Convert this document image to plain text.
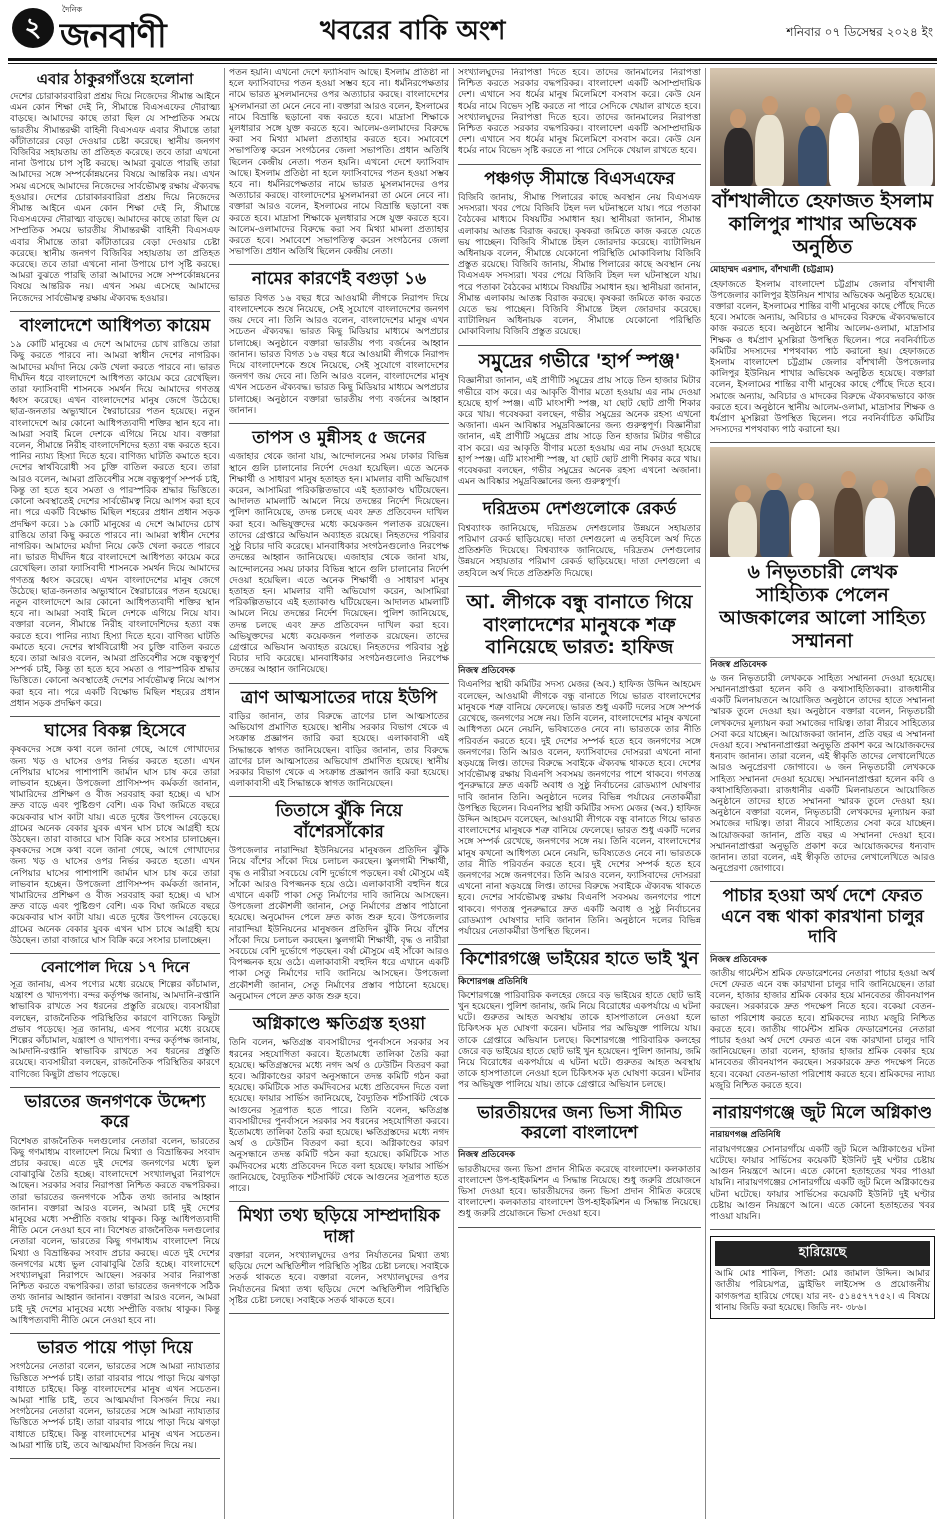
২
দৈনিক
জনবাণী	খবরের বাকি অংশ	শনিবার ০৭ ডিসেম্বর ২০২৪ ইং
এবার ঠাকুরগাঁওয়ে হলোনা

দেশের চোরাকারবারিরা প্রশ্রয় দিয়ে নিজেদের সীমান্ত আইনে এমন কোন শিক্ষা দেই নি, সীমান্তে বিএসএফের দৌরাত্ম্য বাড়ছে। আমাদের কাছে তারা ছিল যে সাম্প্রতিক সময়ে ভারতীয় সীমান্তরক্ষী বাহিনী বিএসএফ এবার সীমান্তে তারা কাঁটাতারের বেড়া দেওয়ার চেষ্টা করেছে। স্থানীয় জনগণ বিজিবির সহায়তায় তা প্রতিহত করেছে। তবে তারা এখনো নানা উপায়ে চাপ সৃষ্টি করছে। আমরা বুঝতে পারছি তারা আমাদের সঙ্গে সম্পর্কোন্নয়নের বিষয়ে আন্তরিক নয়। এখন সময় এসেছে আমাদের নিজেদের সার্বভৌমত্ব রক্ষায় ঐক্যবদ্ধ হওয়ার। দেশের চোরাকারবারিরা প্রশ্রয় দিয়ে নিজেদের সীমান্ত আইনে এমন কোন শিক্ষা দেই নি, সীমান্তে বিএসএফের দৌরাত্ম্য বাড়ছে। আমাদের কাছে তারা ছিল যে সাম্প্রতিক সময়ে ভারতীয় সীমান্তরক্ষী বাহিনী বিএসএফ এবার সীমান্তে তারা কাঁটাতারের বেড়া দেওয়ার চেষ্টা করেছে। স্থানীয় জনগণ বিজিবির সহায়তায় তা প্রতিহত করেছে। তবে তারা এখনো নানা উপায়ে চাপ সৃষ্টি করছে। আমরা বুঝতে পারছি তারা আমাদের সঙ্গে সম্পর্কোন্নয়নের বিষয়ে আন্তরিক নয়। এখন সময় এসেছে আমাদের নিজেদের সার্বভৌমত্ব রক্ষায় ঐক্যবদ্ধ হওয়ার।

বাংলাদেশে আধিপত্য কায়েম

১৯ কোটি মানুষের এ দেশে আমাদের চোখ রাঙিয়ে তারা কিছু করতে পারবে না। আমরা স্বাধীন দেশের নাগরিক। আমাদের মর্যাদা নিয়ে কেউ খেলা করতে পারবে না। ভারত দীর্ঘদিন ধরে বাংলাদেশে আধিপত্য কায়েম করে রেখেছিল। তারা ফ্যাসিবাদী শাসনকে সমর্থন দিয়ে আমাদের গণতন্ত্র ধ্বংস করেছে। এখন বাংলাদেশের মানুষ জেগে উঠেছে। ছাত্র-জনতার অভ্যুত্থানে স্বৈরাচারের পতন হয়েছে। নতুন বাংলাদেশে আর কোনো আধিপত্যবাদী শক্তির স্থান হবে না। আমরা সবাই মিলে দেশকে এগিয়ে নিয়ে যাব। বক্তারা বলেন, সীমান্তে নিরীহ বাংলাদেশিদের হত্যা বন্ধ করতে হবে। পানির ন্যায্য হিস্যা দিতে হবে। বাণিজ্য ঘাটতি কমাতে হবে। দেশের স্বার্থবিরোধী সব চুক্তি বাতিল করতে হবে। তারা আরও বলেন, আমরা প্রতিবেশীর সঙ্গে বন্ধুত্বপূর্ণ সম্পর্ক চাই, কিন্তু তা হতে হবে সমতা ও পারস্পরিক শ্রদ্ধার ভিত্তিতে। কোনো অবস্থাতেই দেশের সার্বভৌমত্ব নিয়ে আপস করা হবে না। পরে একটি বিক্ষোভ মিছিল শহরের প্রধান প্রধান সড়ক প্রদক্ষিণ করে। ১৯ কোটি মানুষের এ দেশে আমাদের চোখ রাঙিয়ে তারা কিছু করতে পারবে না। আমরা স্বাধীন দেশের নাগরিক। আমাদের মর্যাদা নিয়ে কেউ খেলা করতে পারবে না। ভারত দীর্ঘদিন ধরে বাংলাদেশে আধিপত্য কায়েম করে রেখেছিল। তারা ফ্যাসিবাদী শাসনকে সমর্থন দিয়ে আমাদের গণতন্ত্র ধ্বংস করেছে। এখন বাংলাদেশের মানুষ জেগে উঠেছে। ছাত্র-জনতার অভ্যুত্থানে স্বৈরাচারের পতন হয়েছে। নতুন বাংলাদেশে আর কোনো আধিপত্যবাদী শক্তির স্থান হবে না। আমরা সবাই মিলে দেশকে এগিয়ে নিয়ে যাব। বক্তারা বলেন, সীমান্তে নিরীহ বাংলাদেশিদের হত্যা বন্ধ করতে হবে। পানির ন্যায্য হিস্যা দিতে হবে। বাণিজ্য ঘাটতি কমাতে হবে। দেশের স্বার্থবিরোধী সব চুক্তি বাতিল করতে হবে। তারা আরও বলেন, আমরা প্রতিবেশীর সঙ্গে বন্ধুত্বপূর্ণ সম্পর্ক চাই, কিন্তু তা হতে হবে সমতা ও পারস্পরিক শ্রদ্ধার ভিত্তিতে। কোনো অবস্থাতেই দেশের সার্বভৌমত্ব নিয়ে আপস করা হবে না। পরে একটি বিক্ষোভ মিছিল শহরের প্রধান প্রধান সড়ক প্রদক্ষিণ করে।

ঘাসের বিকল্প হিসেবে

কৃষকদের সঙ্গে কথা বলে জানা গেছে, আগে গোখাদ্যের জন্য খড় ও ঘাসের ওপর নির্ভর করতে হতো। এখন নেপিয়ার ঘাসের পাশাপাশি জার্মান ঘাস চাষ করে তারা লাভবান হচ্ছেন। উপজেলা প্রাণিসম্পদ কর্মকর্তা জানান, খামারিদের প্রশিক্ষণ ও বীজ সরবরাহ করা হচ্ছে। এ ঘাস দ্রুত বাড়ে এবং পুষ্টিগুণ বেশি। এক বিঘা জমিতে বছরে কয়েকবার ঘাস কাটা যায়। এতে দুধের উৎপাদন বেড়েছে। গ্রামের অনেক বেকার যুবক এখন ঘাস চাষে আগ্রহী হয়ে উঠছেন। তারা বাজারে ঘাস বিক্রি করে সংসার চালাচ্ছেন। কৃষকদের সঙ্গে কথা বলে জানা গেছে, আগে গোখাদ্যের জন্য খড় ও ঘাসের ওপর নির্ভর করতে হতো। এখন নেপিয়ার ঘাসের পাশাপাশি জার্মান ঘাস চাষ করে তারা লাভবান হচ্ছেন। উপজেলা প্রাণিসম্পদ কর্মকর্তা জানান, খামারিদের প্রশিক্ষণ ও বীজ সরবরাহ করা হচ্ছে। এ ঘাস দ্রুত বাড়ে এবং পুষ্টিগুণ বেশি। এক বিঘা জমিতে বছরে কয়েকবার ঘাস কাটা যায়। এতে দুধের উৎপাদন বেড়েছে। গ্রামের অনেক বেকার যুবক এখন ঘাস চাষে আগ্রহী হয়ে উঠছেন। তারা বাজারে ঘাস বিক্রি করে সংসার চালাচ্ছেন।

বেনাপোল দিয়ে ১৭ দিনে

সূত্র জানায়, এসব পণ্যের মধ্যে রয়েছে শিল্পের কাঁচামাল, যন্ত্রাংশ ও খাদ্যপণ্য। বন্দর কর্তৃপক্ষ জানায়, আমদানি-রপ্তানি স্বাভাবিক রাখতে সব ধরনের প্রস্তুতি রয়েছে। ব্যবসায়ীরা বলছেন, রাজনৈতিক পরিস্থিতির কারণে বাণিজ্যে কিছুটা প্রভাব পড়েছে। সূত্র জানায়, এসব পণ্যের মধ্যে রয়েছে শিল্পের কাঁচামাল, যন্ত্রাংশ ও খাদ্যপণ্য। বন্দর কর্তৃপক্ষ জানায়, আমদানি-রপ্তানি স্বাভাবিক রাখতে সব ধরনের প্রস্তুতি রয়েছে। ব্যবসায়ীরা বলছেন, রাজনৈতিক পরিস্থিতির কারণে বাণিজ্যে কিছুটা প্রভাব পড়েছে।

ভারতের জনগণকে উদ্দেশ্য করে

বিশেষত রাজনৈতিক দলগুলোর নেতারা বলেন, ভারতের কিছু গণমাধ্যম বাংলাদেশ নিয়ে মিথ্যা ও বিভ্রান্তিকর সংবাদ প্রচার করছে। এতে দুই দেশের জনগণের মধ্যে ভুল বোঝাবুঝি তৈরি হচ্ছে। বাংলাদেশে সংখ্যালঘুরা নিরাপদে আছেন। সরকার সবার নিরাপত্তা নিশ্চিত করতে বদ্ধপরিকর। তারা ভারতের জনগণকে সঠিক তথ্য জানার আহ্বান জানান। বক্তারা আরও বলেন, আমরা চাই দুই দেশের মানুষের মধ্যে সম্প্রীতি বজায় থাকুক। কিন্তু আধিপত্যবাদী নীতি মেনে নেওয়া হবে না। বিশেষত রাজনৈতিক দলগুলোর নেতারা বলেন, ভারতের কিছু গণমাধ্যম বাংলাদেশ নিয়ে মিথ্যা ও বিভ্রান্তিকর সংবাদ প্রচার করছে। এতে দুই দেশের জনগণের মধ্যে ভুল বোঝাবুঝি তৈরি হচ্ছে। বাংলাদেশে সংখ্যালঘুরা নিরাপদে আছেন। সরকার সবার নিরাপত্তা নিশ্চিত করতে বদ্ধপরিকর। তারা ভারতের জনগণকে সঠিক তথ্য জানার আহ্বান জানান। বক্তারা আরও বলেন, আমরা চাই দুই দেশের মানুষের মধ্যে সম্প্রীতি বজায় থাকুক। কিন্তু আধিপত্যবাদী নীতি মেনে নেওয়া হবে না।

ভারত পায়ে পাড়া দিয়ে

সংগঠনের নেতারা বলেন, ভারতের সঙ্গে আমরা ন্যায্যতার ভিত্তিতে সম্পর্ক চাই। তারা বারবার পায়ে পাড়া দিয়ে ঝগড়া বাধাতে চাইছে। কিন্তু বাংলাদেশের মানুষ এখন সচেতন। আমরা শান্তি চাই, তবে আত্মমর্যাদা বিসর্জন দিয়ে নয়। সংগঠনের নেতারা বলেন, ভারতের সঙ্গে আমরা ন্যায্যতার ভিত্তিতে সম্পর্ক চাই। তারা বারবার পায়ে পাড়া দিয়ে ঝগড়া বাধাতে চাইছে। কিন্তু বাংলাদেশের মানুষ এখন সচেতন। আমরা শান্তি চাই, তবে আত্মমর্যাদা বিসর্জন দিয়ে নয়।

পতন হয়নি। এখনো দেশে ফ্যাসিবাদ আছে। ইসলাম প্রতিষ্ঠা না হলে ফ্যাসিবাদের পতন হওয়া সম্ভব হবে না। ধর্মনিরপেক্ষতার নামে ভারত মুসলমানদের ওপর অত্যাচার করছে। বাংলাদেশের মুসলমানরা তা মেনে নেবে না। বক্তারা আরও বলেন, ইসলামের নামে বিভ্রান্তি ছড়ানো বন্ধ করতে হবে। মাদ্রাসা শিক্ষাকে মূলধারার সঙ্গে যুক্ত করতে হবে। আলেম-ওলামাদের বিরুদ্ধে করা সব মিথ্যা মামলা প্রত্যাহার করতে হবে। সমাবেশে সভাপতিত্ব করেন সংগঠনের জেলা সভাপতি। প্রধান অতিথি ছিলেন কেন্দ্রীয় নেতা। পতন হয়নি। এখনো দেশে ফ্যাসিবাদ আছে। ইসলাম প্রতিষ্ঠা না হলে ফ্যাসিবাদের পতন হওয়া সম্ভব হবে না। ধর্মনিরপেক্ষতার নামে ভারত মুসলমানদের ওপর অত্যাচার করছে। বাংলাদেশের মুসলমানরা তা মেনে নেবে না। বক্তারা আরও বলেন, ইসলামের নামে বিভ্রান্তি ছড়ানো বন্ধ করতে হবে। মাদ্রাসা শিক্ষাকে মূলধারার সঙ্গে যুক্ত করতে হবে। আলেম-ওলামাদের বিরুদ্ধে করা সব মিথ্যা মামলা প্রত্যাহার করতে হবে। সমাবেশে সভাপতিত্ব করেন সংগঠনের জেলা সভাপতি। প্রধান অতিথি ছিলেন কেন্দ্রীয় নেতা।

নামের কারণেই বগুড়া ১৬

ভারত বিগত ১৬ বছর ধরে আওয়ামী লীগকে নিরাপদ দিয়ে বাংলাদেশকে শুষে নিয়েছে, সেই সুযোগে বাংলাদেশের জনগণ জয় দেবে না। তিনি আরও বলেন, বাংলাদেশের মানুষ এখন সচেতন ঐক্যবদ্ধ। ভারত কিছু মিডিয়ার মাধ্যমে অপপ্রচার চালাচ্ছে। অনুষ্ঠানে বক্তারা ভারতীয় পণ্য বর্জনের আহ্বান জানান। ভারত বিগত ১৬ বছর ধরে আওয়ামী লীগকে নিরাপদ দিয়ে বাংলাদেশকে শুষে নিয়েছে, সেই সুযোগে বাংলাদেশের জনগণ জয় দেবে না। তিনি আরও বলেন, বাংলাদেশের মানুষ এখন সচেতন ঐক্যবদ্ধ। ভারত কিছু মিডিয়ার মাধ্যমে অপপ্রচার চালাচ্ছে। অনুষ্ঠানে বক্তারা ভারতীয় পণ্য বর্জনের আহ্বান জানান।

তাপস ও মুন্নীসহ ৫ জনের

এজাহার থেকে জানা যায়, আন্দোলনের সময় ঢাকার বিভিন্ন স্থানে গুলি চালানোর নির্দেশ দেওয়া হয়েছিল। এতে অনেক শিক্ষার্থী ও সাধারণ মানুষ হতাহত হন। মামলার বাদী অভিযোগ করেন, আসামিরা পরিকল্পিতভাবে এই হত্যাকাণ্ড ঘটিয়েছেন। আদালত মামলাটি আমলে নিয়ে তদন্তের নির্দেশ দিয়েছেন। পুলিশ জানিয়েছে, তদন্ত চলছে এবং দ্রুত প্রতিবেদন দাখিল করা হবে। অভিযুক্তদের মধ্যে কয়েকজন পলাতক রয়েছেন। তাদের গ্রেপ্তারে অভিযান অব্যাহত রয়েছে। নিহতদের পরিবার সুষ্ঠু বিচার দাবি করেছে। মানবাধিকার সংগঠনগুলোও নিরপেক্ষ তদন্তের আহ্বান জানিয়েছে। এজাহার থেকে জানা যায়, আন্দোলনের সময় ঢাকার বিভিন্ন স্থানে গুলি চালানোর নির্দেশ দেওয়া হয়েছিল। এতে অনেক শিক্ষার্থী ও সাধারণ মানুষ হতাহত হন। মামলার বাদী অভিযোগ করেন, আসামিরা পরিকল্পিতভাবে এই হত্যাকাণ্ড ঘটিয়েছেন। আদালত মামলাটি আমলে নিয়ে তদন্তের নির্দেশ দিয়েছেন। পুলিশ জানিয়েছে, তদন্ত চলছে এবং দ্রুত প্রতিবেদন দাখিল করা হবে। অভিযুক্তদের মধ্যে কয়েকজন পলাতক রয়েছেন। তাদের গ্রেপ্তারে অভিযান অব্যাহত রয়েছে। নিহতদের পরিবার সুষ্ঠু বিচার দাবি করেছে। মানবাধিকার সংগঠনগুলোও নিরপেক্ষ তদন্তের আহ্বান জানিয়েছে।

ত্রাণ আত্মসাতের দায়ে ইউপি

বাড়ির জানান, তার বিরুদ্ধে ত্রাণের চাল আত্মসাতের অভিযোগ প্রমাণিত হয়েছে। স্থানীয় সরকার বিভাগ থেকে এ সংক্রান্ত প্রজ্ঞাপন জারি করা হয়েছে। এলাকাবাসী এই সিদ্ধান্তকে স্বাগত জানিয়েছেন। বাড়ির জানান, তার বিরুদ্ধে ত্রাণের চাল আত্মসাতের অভিযোগ প্রমাণিত হয়েছে। স্থানীয় সরকার বিভাগ থেকে এ সংক্রান্ত প্রজ্ঞাপন জারি করা হয়েছে। এলাকাবাসী এই সিদ্ধান্তকে স্বাগত জানিয়েছেন।

তিতাসে ঝুঁকি নিয়ে বাঁশেরসাঁকোর

উপজেলার নারান্দিয়া ইউনিয়নের মানুষজন প্রতিদিন ঝুঁকি নিয়ে বাঁশের সাঁকো দিয়ে চলাচল করছেন। স্কুলগামী শিক্ষার্থী, বৃদ্ধ ও নারীরা সবচেয়ে বেশি দুর্ভোগে পড়ছেন। বর্ষা মৌসুমে এই সাঁকো আরও বিপজ্জনক হয়ে ওঠে। এলাকাবাসী বহুদিন ধরে এখানে একটি পাকা সেতু নির্মাণের দাবি জানিয়ে আসছেন। উপজেলা প্রকৌশলী জানান, সেতু নির্মাণের প্রস্তাব পাঠানো হয়েছে। অনুমোদন পেলে দ্রুত কাজ শুরু হবে। উপজেলার নারান্দিয়া ইউনিয়নের মানুষজন প্রতিদিন ঝুঁকি নিয়ে বাঁশের সাঁকো দিয়ে চলাচল করছেন। স্কুলগামী শিক্ষার্থী, বৃদ্ধ ও নারীরা সবচেয়ে বেশি দুর্ভোগে পড়ছেন। বর্ষা মৌসুমে এই সাঁকো আরও বিপজ্জনক হয়ে ওঠে। এলাকাবাসী বহুদিন ধরে এখানে একটি পাকা সেতু নির্মাণের দাবি জানিয়ে আসছেন। উপজেলা প্রকৌশলী জানান, সেতু নির্মাণের প্রস্তাব পাঠানো হয়েছে। অনুমোদন পেলে দ্রুত কাজ শুরু হবে।

অগ্নিকাণ্ডে ক্ষতিগ্রস্ত হওয়া

তিনি বলেন, ক্ষতিগ্রস্ত ব্যবসায়ীদের পুনর্বাসনে সরকার সব ধরনের সহযোগিতা করবে। ইতোমধ্যে তালিকা তৈরি করা হয়েছে। ক্ষতিগ্রস্তদের মধ্যে নগদ অর্থ ও ঢেউটিন বিতরণ করা হবে। অগ্নিকাণ্ডের কারণ অনুসন্ধানে তদন্ত কমিটি গঠন করা হয়েছে। কমিটিকে সাত কর্মদিবসের মধ্যে প্রতিবেদন দিতে বলা হয়েছে। ফায়ার সার্ভিস জানিয়েছে, বৈদ্যুতিক শর্টসার্কিট থেকে আগুনের সূত্রপাত হতে পারে। তিনি বলেন, ক্ষতিগ্রস্ত ব্যবসায়ীদের পুনর্বাসনে সরকার সব ধরনের সহযোগিতা করবে। ইতোমধ্যে তালিকা তৈরি করা হয়েছে। ক্ষতিগ্রস্তদের মধ্যে নগদ অর্থ ও ঢেউটিন বিতরণ করা হবে। অগ্নিকাণ্ডের কারণ অনুসন্ধানে তদন্ত কমিটি গঠন করা হয়েছে। কমিটিকে সাত কর্মদিবসের মধ্যে প্রতিবেদন দিতে বলা হয়েছে। ফায়ার সার্ভিস জানিয়েছে, বৈদ্যুতিক শর্টসার্কিট থেকে আগুনের সূত্রপাত হতে পারে।

মিথ্যা তথ্য ছড়িয়ে সাম্প্রদায়িক দাঙ্গা

বক্তারা বলেন, সংখ্যালঘুদের ওপর নির্যাতনের মিথ্যা তথ্য ছড়িয়ে দেশে অস্থিতিশীল পরিস্থিতি সৃষ্টির চেষ্টা চলছে। সবাইকে সতর্ক থাকতে হবে। বক্তারা বলেন, সংখ্যালঘুদের ওপর নির্যাতনের মিথ্যা তথ্য ছড়িয়ে দেশে অস্থিতিশীল পরিস্থিতি সৃষ্টির চেষ্টা চলছে। সবাইকে সতর্ক থাকতে হবে।

সংখ্যালঘুদের নিরাপত্তা দিতে হবে। তাদের জানমালের নিরাপত্তা নিশ্চিত করতে সরকার বদ্ধপরিকর। বাংলাদেশ একটি অসাম্প্রদায়িক দেশ। এখানে সব ধর্মের মানুষ মিলেমিশে বসবাস করে। কেউ যেন ধর্মের নামে বিভেদ সৃষ্টি করতে না পারে সেদিকে খেয়াল রাখতে হবে। সংখ্যালঘুদের নিরাপত্তা দিতে হবে। তাদের জানমালের নিরাপত্তা নিশ্চিত করতে সরকার বদ্ধপরিকর। বাংলাদেশ একটি অসাম্প্রদায়িক দেশ। এখানে সব ধর্মের মানুষ মিলেমিশে বসবাস করে। কেউ যেন ধর্মের নামে বিভেদ সৃষ্টি করতে না পারে সেদিকে খেয়াল রাখতে হবে।

পঞ্চগড় সীমান্তে বিএসএফের

বিজিবি জানায়, সীমান্ত পিলারের কাছে অবস্থান নেয় বিএসএফ সদস্যরা। খবর পেয়ে বিজিবি টহল দল ঘটনাস্থলে যায়। পরে পতাকা বৈঠকের মাধ্যমে বিষয়টির সমাধান হয়। স্থানীয়রা জানান, সীমান্ত এলাকায় আতঙ্ক বিরাজ করছে। কৃষকরা জমিতে কাজ করতে যেতে ভয় পাচ্ছেন। বিজিবি সীমান্তে টহল জোরদার করেছে। ব্যাটালিয়ন অধিনায়ক বলেন, সীমান্তে যেকোনো পরিস্থিতি মোকাবিলায় বিজিবি প্রস্তুত রয়েছে। বিজিবি জানায়, সীমান্ত পিলারের কাছে অবস্থান নেয় বিএসএফ সদস্যরা। খবর পেয়ে বিজিবি টহল দল ঘটনাস্থলে যায়। পরে পতাকা বৈঠকের মাধ্যমে বিষয়টির সমাধান হয়। স্থানীয়রা জানান, সীমান্ত এলাকায় আতঙ্ক বিরাজ করছে। কৃষকরা জমিতে কাজ করতে যেতে ভয় পাচ্ছেন। বিজিবি সীমান্তে টহল জোরদার করেছে। ব্যাটালিয়ন অধিনায়ক বলেন, সীমান্তে যেকোনো পরিস্থিতি মোকাবিলায় বিজিবি প্রস্তুত রয়েছে।

সমুদ্রের গভীরে 'হার্প স্পঞ্জ'

বিজ্ঞানীরা জানান, এই প্রাণীটি সমুদ্রের প্রায় সাড়ে তিন হাজার মিটার গভীরে বাস করে। এর আকৃতি বীণার মতো হওয়ায় এর নাম দেওয়া হয়েছে হার্প স্পঞ্জ। এটি মাংসাশী স্পঞ্জ, যা ছোট ছোট প্রাণী শিকার করে খায়। গবেষকরা বলছেন, গভীর সমুদ্রের অনেক রহস্য এখনো অজানা। এমন আবিষ্কার সমুদ্রবিজ্ঞানের জন্য গুরুত্বপূর্ণ। বিজ্ঞানীরা জানান, এই প্রাণীটি সমুদ্রের প্রায় সাড়ে তিন হাজার মিটার গভীরে বাস করে। এর আকৃতি বীণার মতো হওয়ায় এর নাম দেওয়া হয়েছে হার্প স্পঞ্জ। এটি মাংসাশী স্পঞ্জ, যা ছোট ছোট প্রাণী শিকার করে খায়। গবেষকরা বলছেন, গভীর সমুদ্রের অনেক রহস্য এখনো অজানা। এমন আবিষ্কার সমুদ্রবিজ্ঞানের জন্য গুরুত্বপূর্ণ।

দরিদ্রতম দেশগুলোকে রেকর্ড

বিশ্বব্যাংক জানিয়েছে, দরিদ্রতম দেশগুলোর উন্নয়নে সহায়তার পরিমাণ রেকর্ড ছাড়িয়েছে। দাতা দেশগুলো এ তহবিলে অর্থ দিতে প্রতিশ্রুতি দিয়েছে। বিশ্বব্যাংক জানিয়েছে, দরিদ্রতম দেশগুলোর উন্নয়নে সহায়তার পরিমাণ রেকর্ড ছাড়িয়েছে। দাতা দেশগুলো এ তহবিলে অর্থ দিতে প্রতিশ্রুতি দিয়েছে।

আ. লীগকে বন্ধু বানাতে গিয়ে বাংলাদেশের মানুষকে শত্রু বানিয়েছে ভারত: হাফিজ
নিজস্ব প্রতিবেদক

বিএনপির স্থায়ী কমিটির সদস্য মেজর (অব.) হাফিজ উদ্দিন আহমেদ বলেছেন, আওয়ামী লীগকে বন্ধু বানাতে গিয়ে ভারত বাংলাদেশের মানুষকে শত্রু বানিয়ে ফেলেছে। ভারত শুধু একটি দলের সঙ্গে সম্পর্ক রেখেছে, জনগণের সঙ্গে নয়। তিনি বলেন, বাংলাদেশের মানুষ কখনো আধিপত্য মেনে নেয়নি, ভবিষ্যতেও নেবে না। ভারতকে তার নীতি পরিবর্তন করতে হবে। দুই দেশের সম্পর্ক হতে হবে জনগণের সঙ্গে জনগণের। তিনি আরও বলেন, ফ্যাসিবাদের দোসররা এখনো নানা ষড়যন্ত্রে লিপ্ত। তাদের বিরুদ্ধে সবাইকে ঐক্যবদ্ধ থাকতে হবে। দেশের সার্বভৌমত্ব রক্ষায় বিএনপি সবসময় জনগণের পাশে থাকবে। গণতন্ত্র পুনরুদ্ধারে দ্রুত একটি অবাধ ও সুষ্ঠু নির্বাচনের রোডম্যাপ ঘোষণার দাবি জানান তিনি। অনুষ্ঠানে দলের বিভিন্ন পর্যায়ের নেতাকর্মীরা উপস্থিত ছিলেন। বিএনপির স্থায়ী কমিটির সদস্য মেজর (অব.) হাফিজ উদ্দিন আহমেদ বলেছেন, আওয়ামী লীগকে বন্ধু বানাতে গিয়ে ভারত বাংলাদেশের মানুষকে শত্রু বানিয়ে ফেলেছে। ভারত শুধু একটি দলের সঙ্গে সম্পর্ক রেখেছে, জনগণের সঙ্গে নয়। তিনি বলেন, বাংলাদেশের মানুষ কখনো আধিপত্য মেনে নেয়নি, ভবিষ্যতেও নেবে না। ভারতকে তার নীতি পরিবর্তন করতে হবে। দুই দেশের সম্পর্ক হতে হবে জনগণের সঙ্গে জনগণের। তিনি আরও বলেন, ফ্যাসিবাদের দোসররা এখনো নানা ষড়যন্ত্রে লিপ্ত। তাদের বিরুদ্ধে সবাইকে ঐক্যবদ্ধ থাকতে হবে। দেশের সার্বভৌমত্ব রক্ষায় বিএনপি সবসময় জনগণের পাশে থাকবে। গণতন্ত্র পুনরুদ্ধারে দ্রুত একটি অবাধ ও সুষ্ঠু নির্বাচনের রোডম্যাপ ঘোষণার দাবি জানান তিনি। অনুষ্ঠানে দলের বিভিন্ন পর্যায়ের নেতাকর্মীরা উপস্থিত ছিলেন।

কিশোরগঞ্জে ভাইয়ের হাতে ভাই খুন
কিশোরগঞ্জ প্রতিনিধি

কিশোরগঞ্জে পারিবারিক কলহের জেরে বড় ভাইয়ের হাতে ছোট ভাই খুন হয়েছেন। পুলিশ জানায়, জমি নিয়ে বিরোধের একপর্যায়ে এ ঘটনা ঘটে। গুরুতর আহত অবস্থায় তাকে হাসপাতালে নেওয়া হলে চিকিৎসক মৃত ঘোষণা করেন। ঘটনার পর অভিযুক্ত পালিয়ে যায়। তাকে গ্রেপ্তারে অভিযান চলছে। কিশোরগঞ্জে পারিবারিক কলহের জেরে বড় ভাইয়ের হাতে ছোট ভাই খুন হয়েছেন। পুলিশ জানায়, জমি নিয়ে বিরোধের একপর্যায়ে এ ঘটনা ঘটে। গুরুতর আহত অবস্থায় তাকে হাসপাতালে নেওয়া হলে চিকিৎসক মৃত ঘোষণা করেন। ঘটনার পর অভিযুক্ত পালিয়ে যায়। তাকে গ্রেপ্তারে অভিযান চলছে।

ভারতীয়দের জন্য ভিসা সীমিত করলো বাংলাদেশ
নিজস্ব প্রতিবেদক

ভারতীয়দের জন্য ভিসা প্রদান সীমিত করেছে বাংলাদেশ। কলকাতার বাংলাদেশ উপ-হাইকমিশন এ সিদ্ধান্ত নিয়েছে। শুধু জরুরি প্রয়োজনে ভিসা দেওয়া হবে। ভারতীয়দের জন্য ভিসা প্রদান সীমিত করেছে বাংলাদেশ। কলকাতার বাংলাদেশ উপ-হাইকমিশন এ সিদ্ধান্ত নিয়েছে। শুধু জরুরি প্রয়োজনে ভিসা দেওয়া হবে।

বাঁশখালীতে হেফাজত ইসলাম কালিপুর শাখার অভিষেক অনুষ্ঠিত
মোহাম্মদ এরশাদ, বাঁশখালী (চট্টগ্রাম)

হেফাজতে ইসলাম বাংলাদেশ চট্টগ্রাম জেলার বাঁশখালী উপজেলার কালিপুর ইউনিয়ন শাখার অভিষেক অনুষ্ঠিত হয়েছে। বক্তারা বলেন, ইসলামের শান্তির বাণী মানুষের কাছে পৌঁছে দিতে হবে। সমাজে অন্যায়, অবিচার ও মাদকের বিরুদ্ধে ঐক্যবদ্ধভাবে কাজ করতে হবে। অনুষ্ঠানে স্থানীয় আলেম-ওলামা, মাদ্রাসার শিক্ষক ও ধর্মপ্রাণ মুসল্লিরা উপস্থিত ছিলেন। পরে নবনির্বাচিত কমিটির সদস্যদের শপথবাক্য পাঠ করানো হয়। হেফাজতে ইসলাম বাংলাদেশ চট্টগ্রাম জেলার বাঁশখালী উপজেলার কালিপুর ইউনিয়ন শাখার অভিষেক অনুষ্ঠিত হয়েছে। বক্তারা বলেন, ইসলামের শান্তির বাণী মানুষের কাছে পৌঁছে দিতে হবে। সমাজে অন্যায়, অবিচার ও মাদকের বিরুদ্ধে ঐক্যবদ্ধভাবে কাজ করতে হবে। অনুষ্ঠানে স্থানীয় আলেম-ওলামা, মাদ্রাসার শিক্ষক ও ধর্মপ্রাণ মুসল্লিরা উপস্থিত ছিলেন। পরে নবনির্বাচিত কমিটির সদস্যদের শপথবাক্য পাঠ করানো হয়।

৬ নিভৃতচারী লেখক সাহিত্যিক পেলেন আজকালের আলো সাহিত্য সম্মাননা
নিজস্ব প্রতিবেদক

৬ জন নিভৃতচারী লেখককে সাহিত্য সম্মাননা দেওয়া হয়েছে। সম্মাননাপ্রাপ্তরা হলেন কবি ও কথাসাহিত্যিকরা। রাজধানীর একটি মিলনায়তনে আয়োজিত অনুষ্ঠানে তাদের হাতে সম্মাননা স্মারক তুলে দেওয়া হয়। অনুষ্ঠানে বক্তারা বলেন, নিভৃতচারী লেখকদের মূল্যায়ন করা সমাজের দায়িত্ব। তারা নীরবে সাহিত্যের সেবা করে যাচ্ছেন। আয়োজকরা জানান, প্রতি বছর এ সম্মাননা দেওয়া হবে। সম্মাননাপ্রাপ্তরা অনুভূতি প্রকাশ করে আয়োজকদের ধন্যবাদ জানান। তারা বলেন, এই স্বীকৃতি তাদের লেখালেখিতে আরও অনুপ্রেরণা জোগাবে। ৬ জন নিভৃতচারী লেখককে সাহিত্য সম্মাননা দেওয়া হয়েছে। সম্মাননাপ্রাপ্তরা হলেন কবি ও কথাসাহিত্যিকরা। রাজধানীর একটি মিলনায়তনে আয়োজিত অনুষ্ঠানে তাদের হাতে সম্মাননা স্মারক তুলে দেওয়া হয়। অনুষ্ঠানে বক্তারা বলেন, নিভৃতচারী লেখকদের মূল্যায়ন করা সমাজের দায়িত্ব। তারা নীরবে সাহিত্যের সেবা করে যাচ্ছেন। আয়োজকরা জানান, প্রতি বছর এ সম্মাননা দেওয়া হবে। সম্মাননাপ্রাপ্তরা অনুভূতি প্রকাশ করে আয়োজকদের ধন্যবাদ জানান। তারা বলেন, এই স্বীকৃতি তাদের লেখালেখিতে আরও অনুপ্রেরণা জোগাবে।

পাচার হওয়া অর্থ দেশে ফেরত এনে বন্ধ থাকা কারখানা চালুর দাবি
নিজস্ব প্রতিবেদক

জাতীয় গার্মেন্টস শ্রমিক ফেডারেশনের নেতারা পাচার হওয়া অর্থ দেশে ফেরত এনে বন্ধ কারখানা চালুর দাবি জানিয়েছেন। তারা বলেন, হাজার হাজার শ্রমিক বেকার হয়ে মানবেতর জীবনযাপন করছেন। সরকারকে দ্রুত পদক্ষেপ নিতে হবে। বকেয়া বেতন-ভাতা পরিশোধ করতে হবে। শ্রমিকদের ন্যায্য মজুরি নিশ্চিত করতে হবে। জাতীয় গার্মেন্টস শ্রমিক ফেডারেশনের নেতারা পাচার হওয়া অর্থ দেশে ফেরত এনে বন্ধ কারখানা চালুর দাবি জানিয়েছেন। তারা বলেন, হাজার হাজার শ্রমিক বেকার হয়ে মানবেতর জীবনযাপন করছেন। সরকারকে দ্রুত পদক্ষেপ নিতে হবে। বকেয়া বেতন-ভাতা পরিশোধ করতে হবে। শ্রমিকদের ন্যায্য মজুরি নিশ্চিত করতে হবে।

নারায়ণগঞ্জে জুট মিলে অগ্নিকাণ্ড
নারায়ণগঞ্জ প্রতিনিধি

নারায়ণগঞ্জের সোনারগাঁয়ে একটি জুট মিলে অগ্নিকাণ্ডের ঘটনা ঘটেছে। ফায়ার সার্ভিসের কয়েকটি ইউনিট দুই ঘণ্টার চেষ্টায় আগুন নিয়ন্ত্রণে আনে। এতে কোনো হতাহতের খবর পাওয়া যায়নি। নারায়ণগঞ্জের সোনারগাঁয়ে একটি জুট মিলে অগ্নিকাণ্ডের ঘটনা ঘটেছে। ফায়ার সার্ভিসের কয়েকটি ইউনিট দুই ঘণ্টার চেষ্টায় আগুন নিয়ন্ত্রণে আনে। এতে কোনো হতাহতের খবর পাওয়া যায়নি।

হারিয়েছে
আমি মোঃ শাকিল, পিতা: মোঃ জামাল উদ্দিন। আমার জাতীয় পরিচয়পত্র, ড্রাইভিং লাইসেন্স ও প্রয়োজনীয় কাগজপত্র হারিয়ে গেছে। যার নং- ৫১৪৫৭৭৭৫২। এ বিষয়ে থানায় জিডি করা হয়েছে। জিডি নং- ৩৮৬।
